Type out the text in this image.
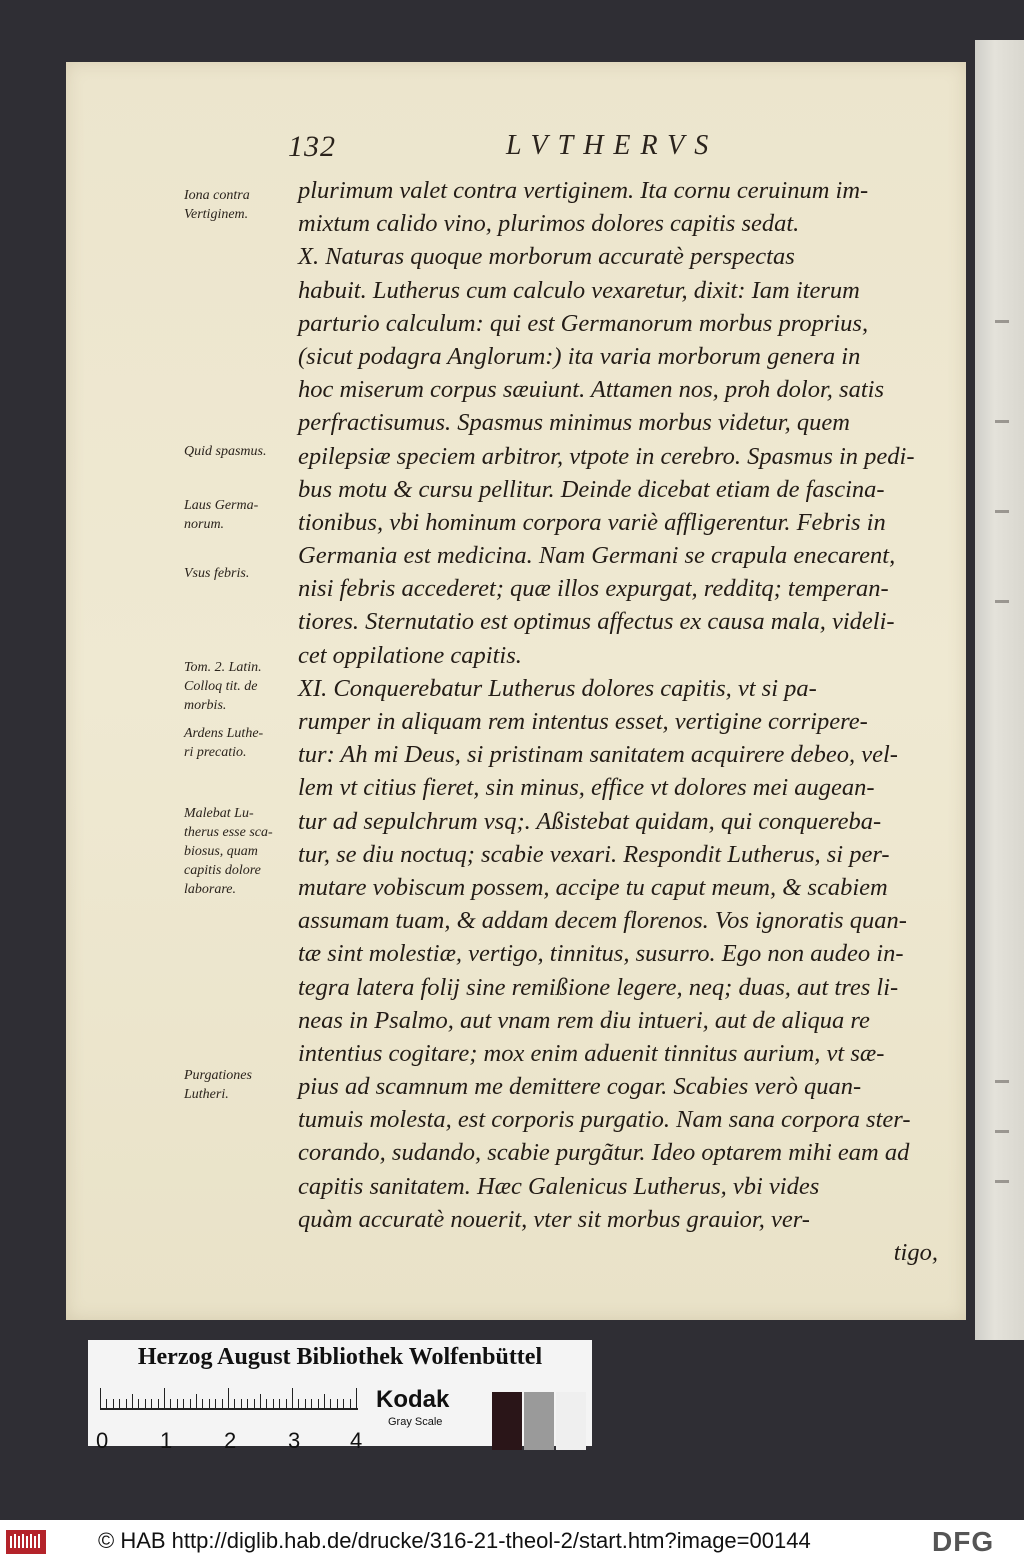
132	LVTHERVS
plurimum valet contra vertiginem. Ita cornu ceruinum im-
mixtum calido vino, plurimos dolores capitis sedat.
X. Naturas quoque morborum accuratè perspectas
habuit. Lutherus cum calculo vexaretur, dixit: Iam iterum
parturio calculum: qui est Germanorum morbus proprius,
(sicut podagra Anglorum:) ita varia morborum genera in
hoc miserum corpus sæuiunt. Attamen nos, proh dolor, satis
perfractisumus. Spasmus minimus morbus videtur, quem
epilepsiæ speciem arbitror, vtpote in cerebro. Spasmus in pedi-
bus motu & cursu pellitur. Deinde dicebat etiam de fascina-
tionibus, vbi hominum corpora variè affligerentur. Febris in
Germania est medicina. Nam Germani se crapula enecarent,
nisi febris accederet; quæ illos expurgat, redditq; temperan-
tiores. Sternutatio est optimus affectus ex causa mala, videli-
cet oppilatione capitis.
XI. Conquerebatur Lutherus dolores capitis, vt si pa-
rumper in aliquam rem intentus esset, vertigine corripere-
tur: Ah mi Deus, si pristinam sanitatem acquirere debeo, vel-
lem vt citius fieret, sin minus, effice vt dolores mei augean-
tur ad sepulchrum vsq;. Aßistebat quidam, qui conquereba-
tur, se diu noctuq; scabie vexari. Respondit Lutherus, si per-
mutare vobiscum possem, accipe tu caput meum, & scabiem
assumam tuam, & addam decem florenos. Vos ignoratis quan-
tæ sint molestiæ, vertigo, tinnitus, susurro. Ego non audeo in-
tegra latera folij sine remißione legere, neq; duas, aut tres li-
neas in Psalmo, aut vnam rem diu intueri, aut de aliqua re
intentius cogitare; mox enim aduenit tinnitus aurium, vt sæ-
pius ad scamnum me demittere cogar. Scabies verò quan-
tumuis molesta, est corporis purgatio. Nam sana corpora ster-
corando, sudando, scabie purgãtur. Ideo optarem mihi eam ad
capitis sanitatem. Hæc Galenicus Lutherus, vbi vides
quàm accuratè nouerit, vter sit morbus grauior, ver-
tigo,
Iona contra
Vertiginem.
Quid spasmus.
Laus Germa-
norum.
Vsus febris.
Tom. 2. Latin.
Colloq tit. de
morbis.
Ardens Luthe-
ri precatio.
Malebat Lu-
therus esse sca-
biosus, quam
capitis dolore
laborare.
Purgationes
Lutheri.
Herzog August Bibliothek Wolfenbüttel
0 1 2 3 4
Kodak
Gray Scale
© HAB http://diglib.hab.de/drucke/316-21-theol-2/start.htm?image=00144	DFG
